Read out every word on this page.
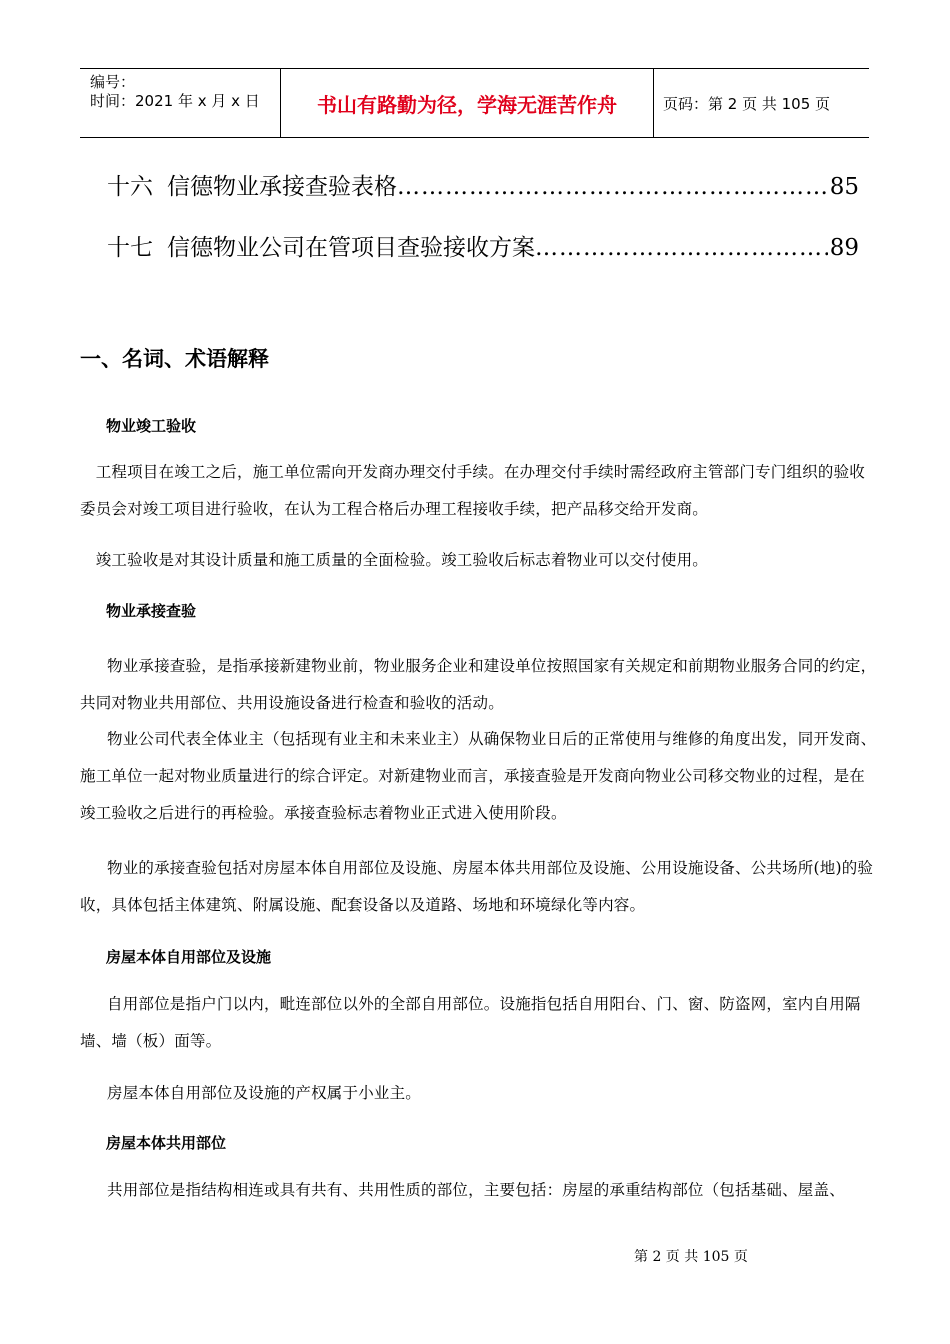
编号：
时间：2021 年 x 月 x 日	书山有路勤为径，学海无涯苦作舟	页码：第 2 页 共 105 页
十六 信德物业承接查验表格 ……………………………………………………………………………………………………………	85
十七 信德物业公司在管项目查验接收方案 ……………………………………………………………………………………………………………	89
一、名词、术语解释
物业竣工验收

　工程项目在竣工之后，施工单位需向开发商办理交付手续。在办理交付手续时需经政府主管部门专门组织的验收委员会对竣工项目进行验收，在认为工程合格后办理工程接收手续，把产品移交给开发商。

　竣工验收是对其设计质量和施工质量的全面检验。竣工验收后标志着物业可以交付使用。

物业承接查验

物业承接查验，是指承接新建物业前，物业服务企业和建设单位按照国家有关规定和前期物业服务合同的约定，共同对物业共用部位、共用设施设备进行检查和验收的活动。

物业公司代表全体业主（包括现有业主和未来业主）从确保物业日后的正常使用与维修的角度出发，同开发商、施工单位一起对物业质量进行的综合评定。对新建物业而言，承接查验是开发商向物业公司移交物业的过程，是在竣工验收之后进行的再检验。承接查验标志着物业正式进入使用阶段。

物业的承接查验包括对房屋本体自用部位及设施、房屋本体共用部位及设施、公用设施设备、公共场所(地)的验收，具体包括主体建筑、附属设施、配套设备以及道路、场地和环境绿化等内容。

房屋本体自用部位及设施

自用部位是指户门以内，毗连部位以外的全部自用部位。设施指包括自用阳台、门、窗、防盗网，室内自用隔墙、墙（板）面等。

房屋本体自用部位及设施的产权属于小业主。

房屋本体共用部位

共用部位是指结构相连或具有共有、共用性质的部位，主要包括：房屋的承重结构部位（包括基础、屋盖、

第 2 页 共 105 页
